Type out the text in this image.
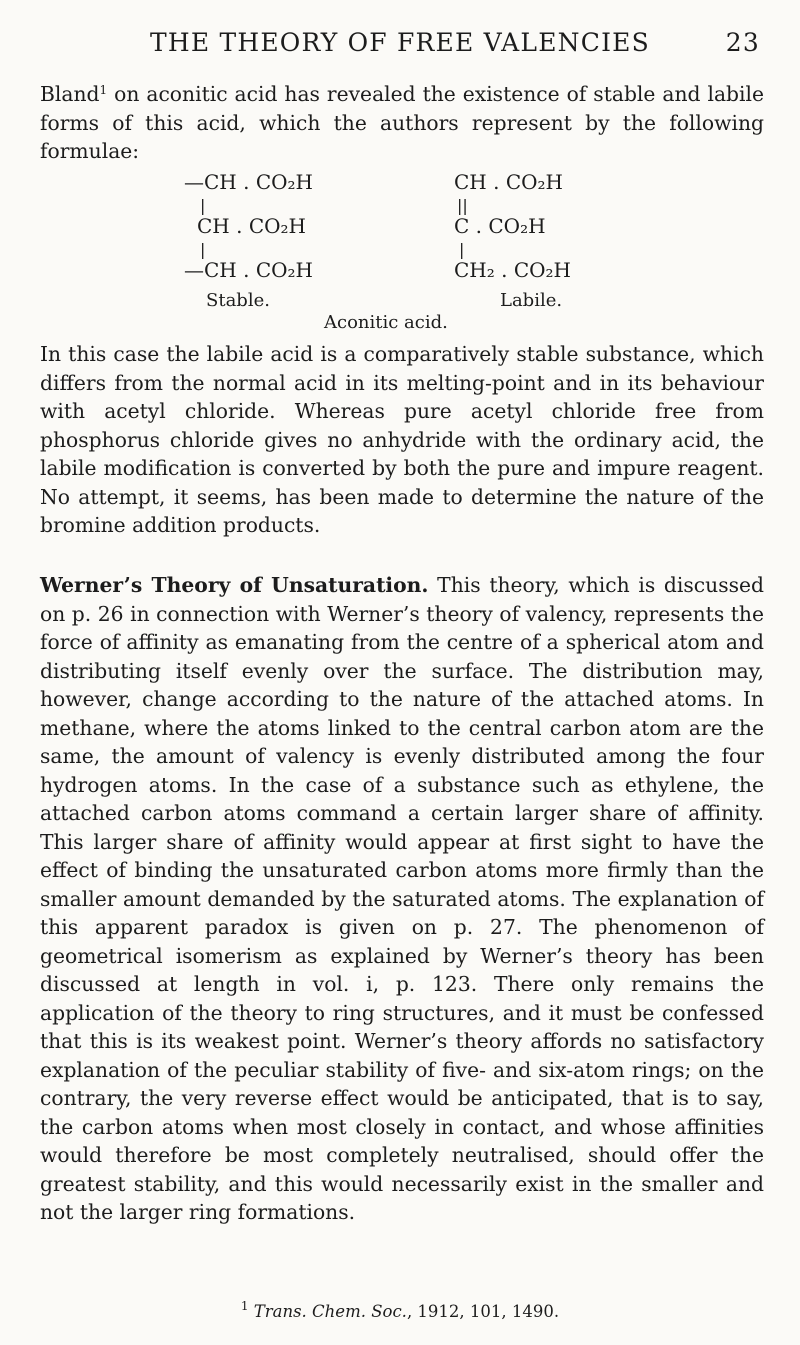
THE THEORY OF FREE VALENCIES	23

Bland$^1$ on aconitic acid has revealed the existence of stable and labile forms of this acid, which the authors represent by the following formulae:

—CH . CO₂H
|
CH . CO₂H
|
—CH . CO₂H
Stable.
CH . CO₂H
||
C . CO₂H
|
CH₂ . CO₂H
Labile.
Aconitic acid.

In this case the labile acid is a comparatively stable substance, which differs from the normal acid in its melting-point and in its behaviour with acetyl chloride. Whereas pure acetyl chloride free from phosphorus chloride gives no anhydride with the ordinary acid, the labile modification is converted by both the pure and impure reagent. No attempt, it seems, has been made to determine the nature of the bromine addition products.

Werner’s Theory of Unsaturation. This theory, which is discussed on p. 26 in connection with Werner’s theory of valency, represents the force of affinity as emanating from the centre of a spherical atom and distributing itself evenly over the surface. The distribution may, however, change according to the nature of the attached atoms. In methane, where the atoms linked to the central carbon atom are the same, the amount of valency is evenly distributed among the four hydrogen atoms. In the case of a substance such as ethylene, the attached carbon atoms command a certain larger share of affinity. This larger share of affinity would appear at first sight to have the effect of binding the unsaturated carbon atoms more firmly than the smaller amount demanded by the saturated atoms. The explanation of this apparent paradox is given on p. 27. The phenomenon of geometrical isomerism as explained by Werner’s theory has been discussed at length in vol. i, p. 123. There only remains the application of the theory to ring structures, and it must be confessed that this is its weakest point. Werner’s theory affords no satisfactory explanation of the peculiar stability of five- and six-atom rings; on the contrary, the very reverse effect would be anticipated, that is to say, the carbon atoms when most closely in contact, and whose affinities would therefore be most completely neutralised, should offer the greatest stability, and this would necessarily exist in the smaller and not the larger ring formations.

$^1$ Trans. Chem. Soc., 1912, 101, 1490.
